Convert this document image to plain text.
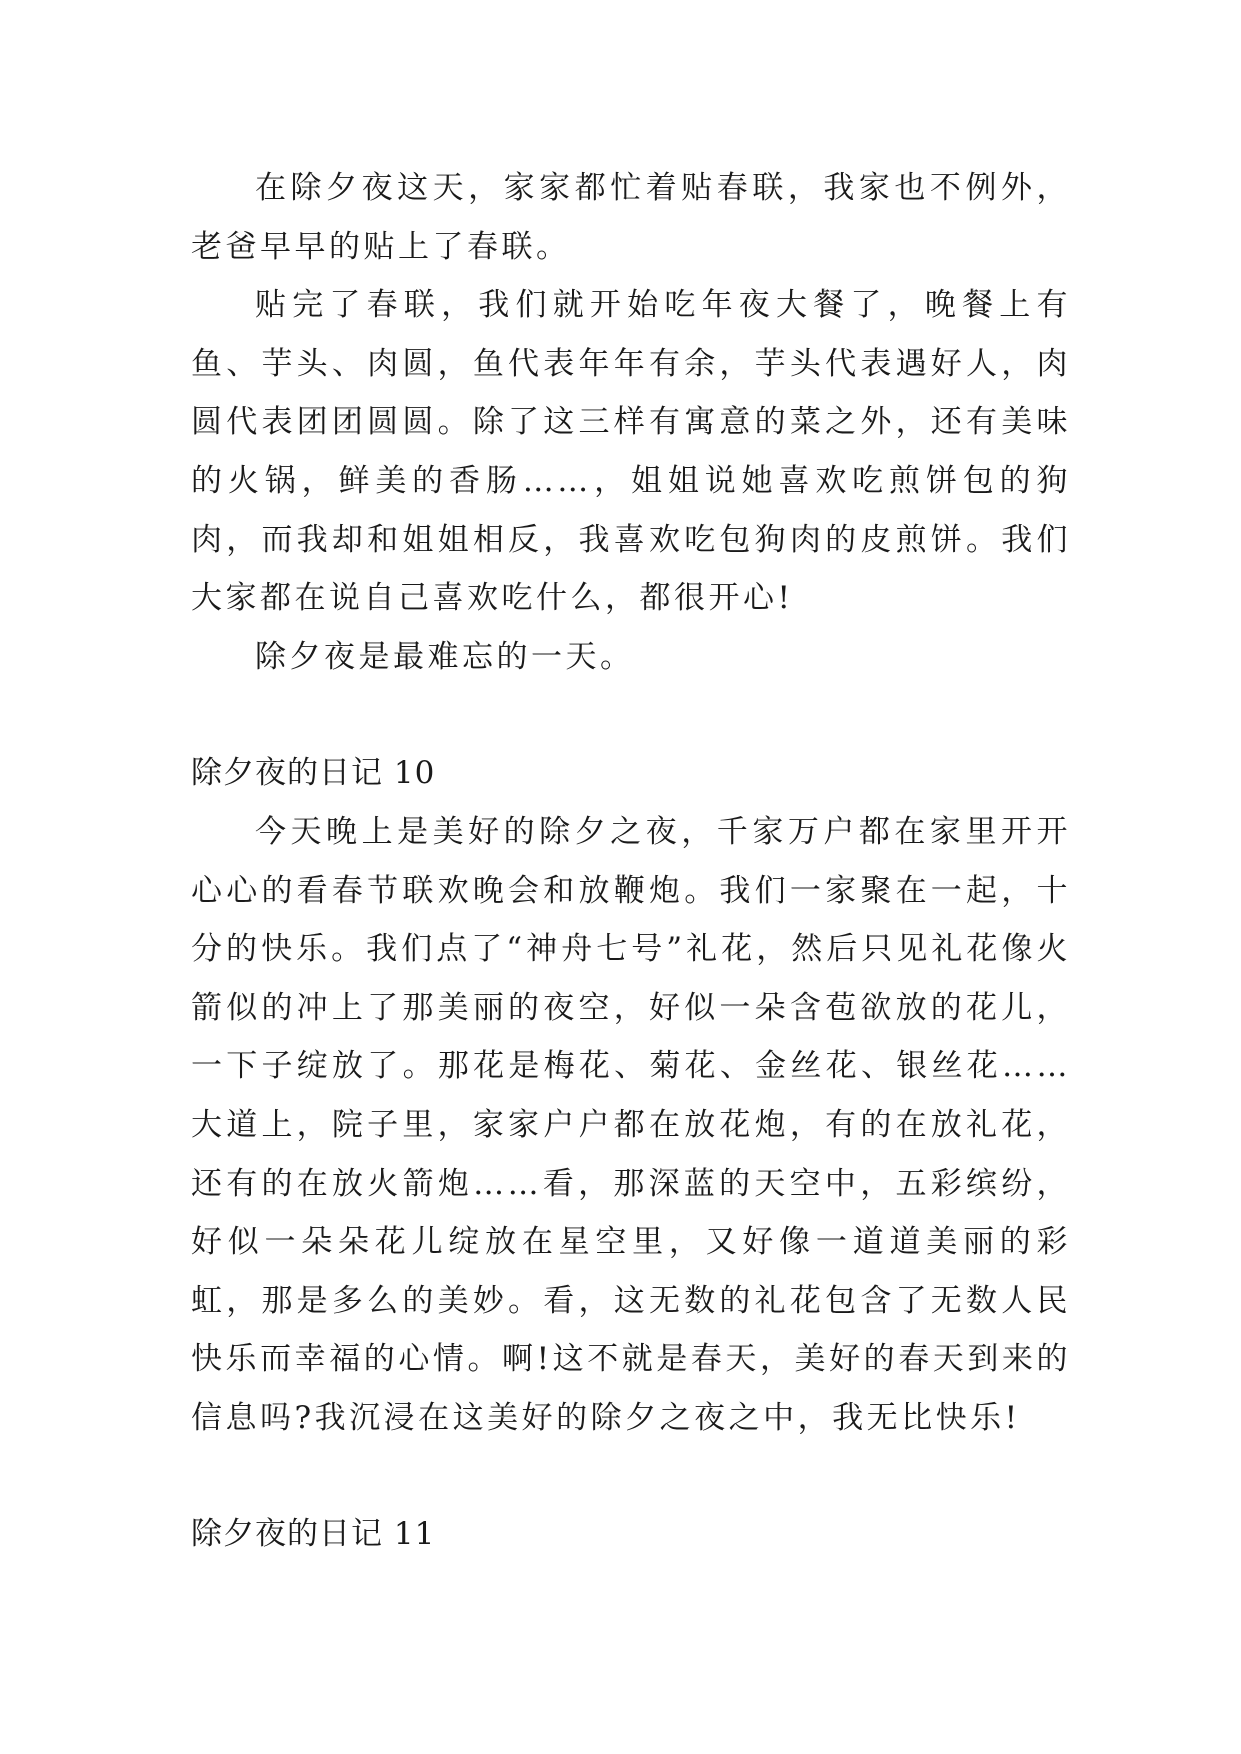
在除夕夜这天，家家都忙着贴春联，我家也不例外，老爸早早的贴上了春联。

贴完了春联，我们就开始吃年夜大餐了，晚餐上有鱼、芋头、肉圆，鱼代表年年有余，芋头代表遇好人，肉圆代表团团圆圆。除了这三样有寓意的菜之外，还有美味的火锅，鲜美的香肠……，姐姐说她喜欢吃煎饼包的狗肉，而我却和姐姐相反，我喜欢吃包狗肉的皮煎饼。我们大家都在说自己喜欢吃什么，都很开心!

除夕夜是最难忘的一天。

除夕夜的日记 10

今天晚上是美好的除夕之夜，千家万户都在家里开开心心的看春节联欢晚会和放鞭炮。我们一家聚在一起，十分的快乐。我们点了“神舟七号”礼花，然后只见礼花像火箭似的冲上了那美丽的夜空，好似一朵含苞欲放的花儿，一下子绽放了。那花是梅花、菊花、金丝花、银丝花……大道上，院子里，家家户户都在放花炮，有的在放礼花，还有的在放火箭炮……看，那深蓝的天空中，五彩缤纷，好似一朵朵花儿绽放在星空里，又好像一道道美丽的彩虹，那是多么的美妙。看，这无数的礼花包含了无数人民快乐而幸福的心情。啊!这不就是春天，美好的春天到来的信息吗?我沉浸在这美好的除夕之夜之中，我无比快乐!

除夕夜的日记 11
